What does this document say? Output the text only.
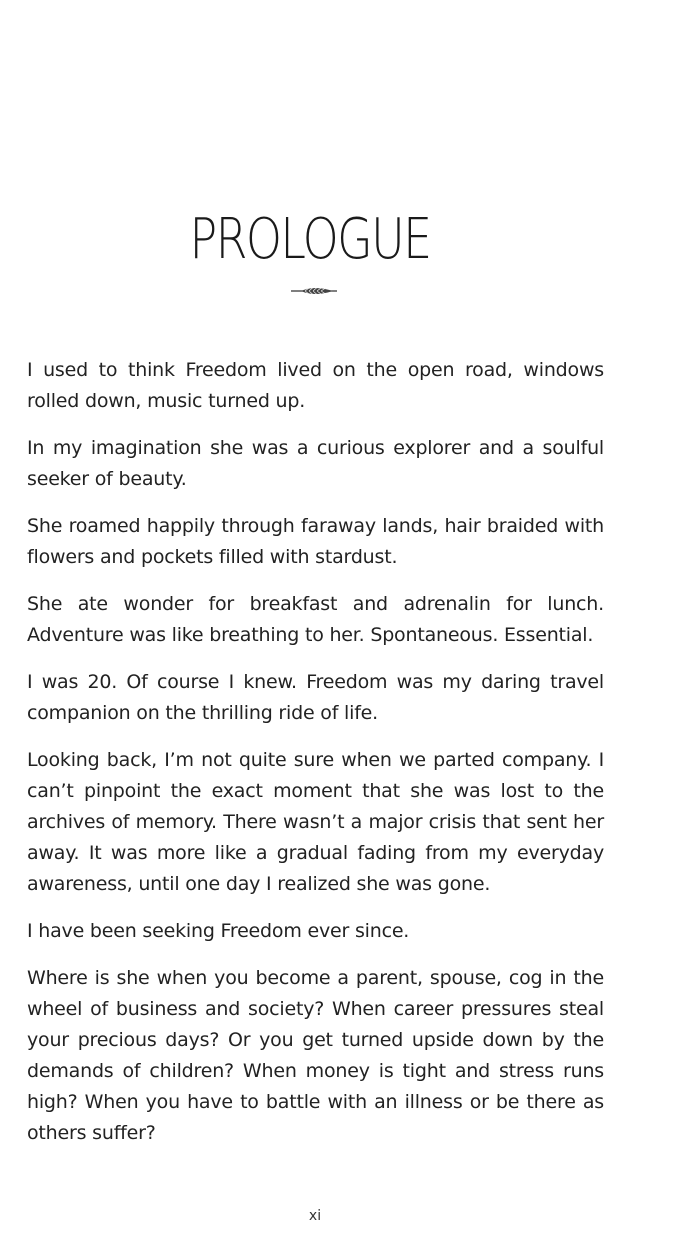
PROLOGUE

I used to think Freedom lived on the open road, windows rolled down, music turned up.

In my imagination she was a curious explorer and a soulful seeker of beauty.

She roamed happily through faraway lands, hair braided with flowers and pockets filled with stardust.

She ate wonder for breakfast and adrenalin for lunch. Adventure was like breathing to her. Spontaneous. Essential.

I was 20. Of course I knew. Freedom was my daring travel companion on the thrilling ride of life.

Looking back, I’m not quite sure when we parted company. I can’t pinpoint the exact moment that she was lost to the archives of memory. There wasn’t a major crisis that sent her away. It was more like a gradual fading from my everyday awareness, until one day I realized she was gone.

I have been seeking Freedom ever since.

Where is she when you become a parent, spouse, cog in the wheel of business and society? When career pressures steal your precious days? Or you get turned upside down by the demands of children? When money is tight and stress runs high? When you have to battle with an illness or be there as others suffer?

xi
